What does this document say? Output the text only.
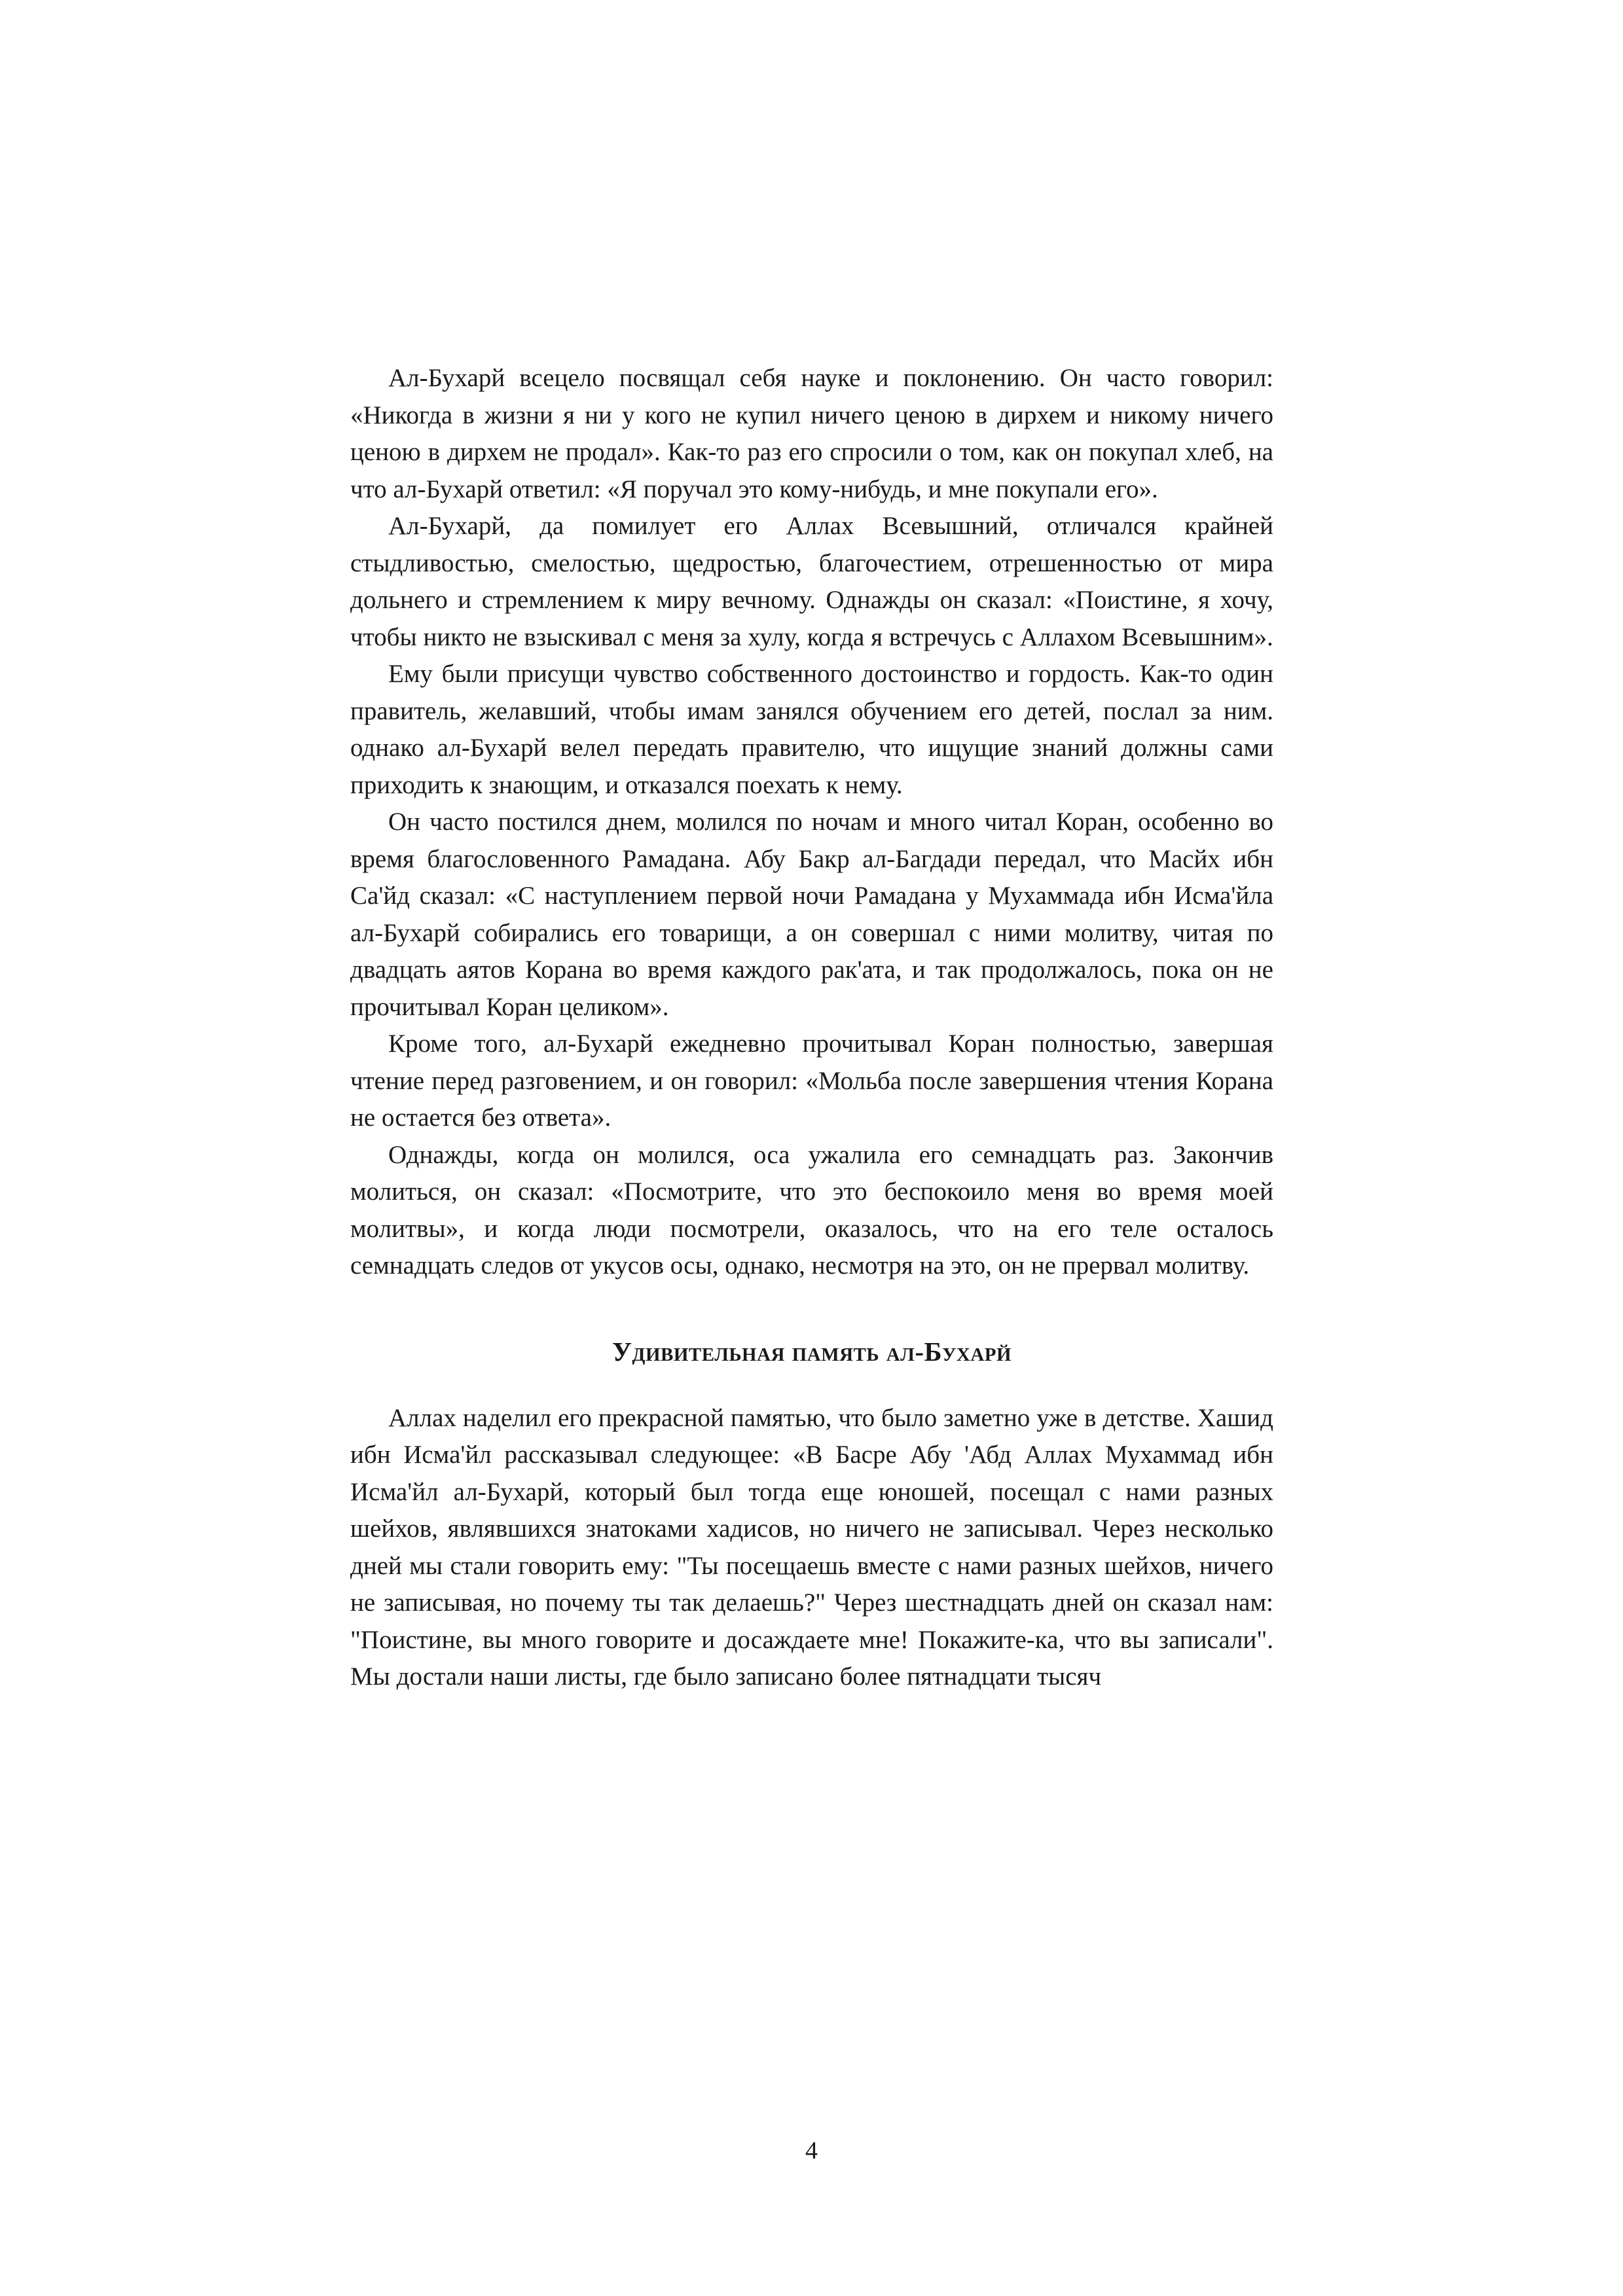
Ал-Бухарй всецело посвящал себя науке и поклонению. Он часто говорил: «Никогда в жизни я ни у кого не купил ничего ценою в дирхем и никому ничего ценою в дирхем не продал». Как-то раз его спросили о том, как он покупал хлеб, на что ал-Бухарй ответил: «Я поручал это кому-нибудь, и мне покупали его».

Ал-Бухарй, да помилует его Аллах Всевышний, отличался крайней стыдливостью, смелостью, щедростью, благочестием, отрешенностью от мира дольнего и стремлением к миру вечному. Однажды он сказал: «Поистине, я хочу, чтобы никто не взыскивал с меня за хулу, когда я встречусь с Аллахом Всевышним».

Ему были присущи чувство собственного достоинство и гордость. Как-то один правитель, желавший, чтобы имам занялся обучением его детей, послал за ним. однако ал-Бухарй велел передать правителю, что ищущие знаний должны сами приходить к знающим, и отказался поехать к нему.

Он часто постился днем, молился по ночам и много читал Коран, особенно во время благословенного Рамадана. Абу Бакр ал-Багдади передал, что Масйх ибн Са'йд сказал: «С наступлением первой ночи Рамадана у Мухаммада ибн Исма'йла ал-Бухарй собирались его товарищи, а он совершал с ними молитву, читая по двадцать аятов Корана во время каждого рак'ата, и так продолжалось, пока он не прочитывал Коран целиком».

Кроме того, ал-Бухарй ежедневно прочитывал Коран полностью, завершая чтение перед разговением, и он говорил: «Мольба после завершения чтения Корана не остается без ответа».

Однажды, когда он молился, оса ужалила его семнадцать раз. Закончив молиться, он сказал: «Посмотрите, что это беспокоило меня во время моей молитвы», и когда люди посмотрели, оказалось, что на его теле осталось семнадцать следов от укусов осы, однако, несмотря на это, он не прервал молитву.

Удивительная память ал-Бухарй

Аллах наделил его прекрасной памятью, что было заметно уже в детстве. Хашид ибн Исма'йл рассказывал следующее: «В Басре Абу 'Абд Аллах Мухаммад ибн Исма'йл ал-Бухарй, который был тогда еще юношей, посещал с нами разных шейхов, являвшихся знатоками хадисов, но ничего не записывал. Через несколько дней мы стали говорить ему: "Ты посещаешь вместе с нами разных шейхов, ничего не записывая, но почему ты так делаешь?" Через шестнадцать дней он сказал нам: "Поистине, вы много говорите и досаждаете мне! Покажите-ка, что вы записали". Мы достали наши листы, где было записано более пятнадцати тысяч

4
